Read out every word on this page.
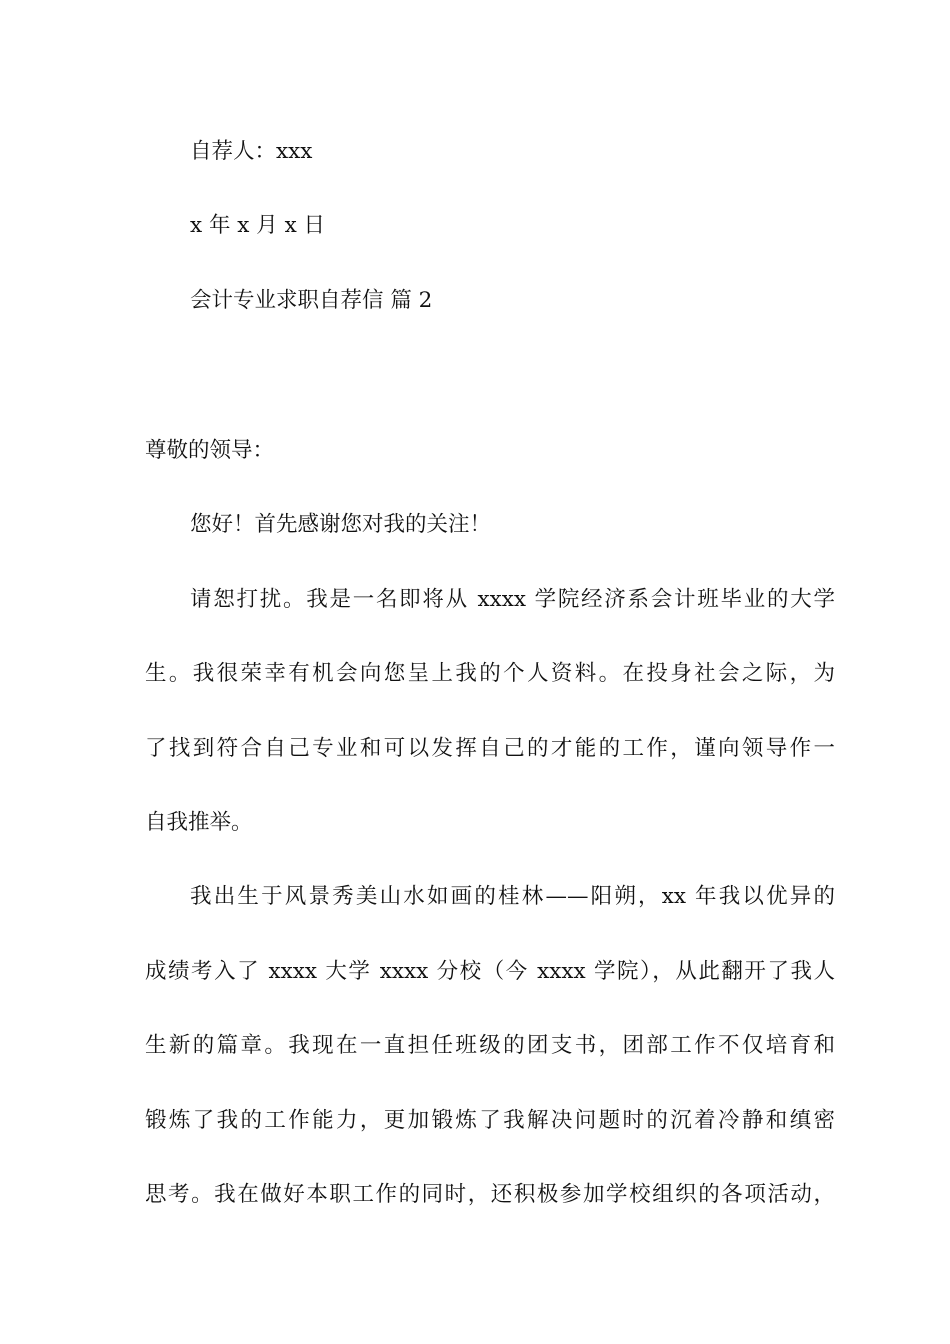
自荐人：xxx
x 年 x 月 x 日
会计专业求职自荐信 篇 2
尊敬的领导：
您好！首先感谢您对我的关注！
请恕打扰。我是一名即将从 xxxx 学院经济系会计班毕业的大学
生。我很荣幸有机会向您呈上我的个人资料。在投身社会之际，为
了找到符合自己专业和可以发挥自己的才能的工作，谨向领导作一
自我推举。
我出生于风景秀美山水如画的桂林——阳朔，xx 年我以优异的
成绩考入了 xxxx 大学 xxxx 分校（今 xxxx 学院），从此翻开了我人
生新的篇章。我现在一直担任班级的团支书，团部工作不仅培育和
锻炼了我的工作能力，更加锻炼了我解决问题时的沉着冷静和缜密
思考。我在做好本职工作的同时，还积极参加学校组织的各项活动，
